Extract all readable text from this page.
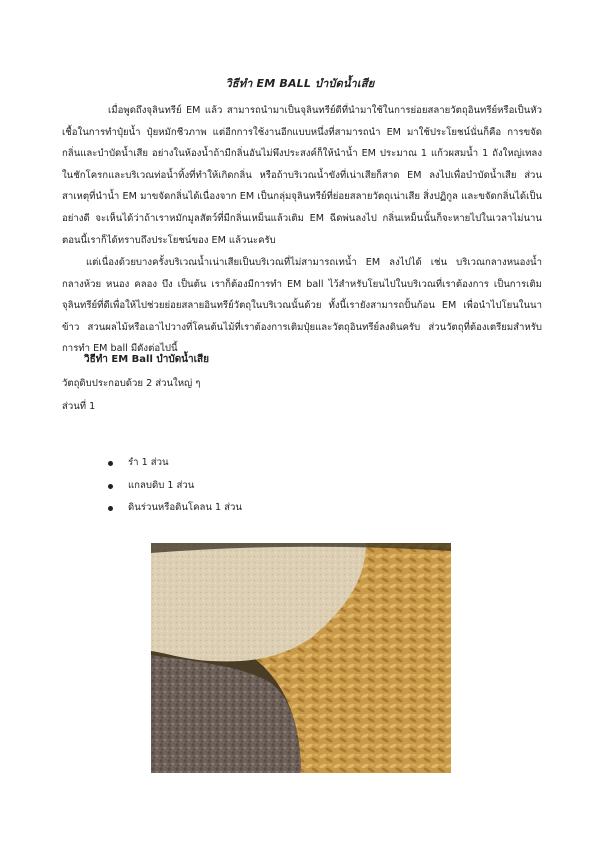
วิธีทำ EM BALL บำบัดน้ำเสีย

เมื่อพูดถึงจุลินทรีย์ EM แล้ว สามารถนำมาเป็นจุลินทรีย์ดีที่นำมาใช้ในการย่อยสลายวัตถุอินทรีย์หรือเป็นหัวเชื้อในการทำปุ๋ยน้ำ ปุ๋ยหมักชีวภาพ แต่อีกการใช้งานอีกแบบหนึ่งที่สามารถนำ EM มาใช้ประโยชน์นั่นก็คือ การขจัดกลิ่นและบำบัดน้ำเสีย อย่างในห้องน้ำถ้ามีกลิ่นอันไม่พึงประสงค์ก็ให้นำน้ำ EM ประมาณ 1 แก้วผสมน้ำ 1 ถังใหญ่เทลงในชักโครกและบริเวณท่อน้ำทิ้งที่ทำให้เกิดกลิ่น หรือถ้าบริเวณน้ำขังที่เน่าเสียก็สาด EM ลงไปเพื่อบำบัดน้ำเสีย ส่วนสาเหตุที่นำน้ำ EM มาขจัดกลิ่นได้เนื่องจาก EM เป็นกลุ่มจุลินทรีย์ที่ย่อยสลายวัตถุเน่าเสีย สิ่งปฏิกูล และขจัดกลิ่นได้เป็นอย่างดี จะเห็นได้ว่าถ้าเราหมักมูลสัตว์ที่มีกลิ่นเหม็นแล้วเติม EM ฉีดพ่นลงไป กลิ่นเหม็นนั้นก็จะหายไปในเวลาไม่นาน ตอนนี้เราก็ได้ทราบถึงประโยชน์ของ EM แล้วนะครับ

แต่เนื่องด้วยบางครั้งบริเวณน้ำเน่าเสียเป็นบริเวณที่ไม่สามารถเทน้ำ EM ลงไปได้ เช่น บริเวณกลางหนองน้ำ กลางห้วย หนอง คลอง บึง เป็นต้น เราก็ต้องมีการทำ EM ball ไว้สำหรับโยนไปในบริเวณที่เราต้องการ เป็นการเติมจุลินทรีย์ที่ดีเพื่อให้ไปช่วยย่อยสลายอินทรีย์วัตถุในบริเวณนั้นด้วย ทั้งนี้เรายังสามารถปั้นก้อน EM เพื่อนำไปโยนในนาข้าว สวนผลไม้หรือเอาไปวางที่โคนต้นไม้ที่เราต้องการเติมปุ๋ยและวัตถุอินทรีย์ลงดินครับ ส่วนวัตถุที่ต้องเตรียมสำหรับการทำ EM ball มีดังต่อไปนี้

วิธีทำ EM Ball บำบัดน้ำเสีย
วัตถุดิบประกอบด้วย 2 ส่วนใหญ่ ๆ
ส่วนที่ 1
รำ 1 ส่วน
แกลบดิบ 1 ส่วน
ดินร่วนหรือดินโคลน 1 ส่วน
